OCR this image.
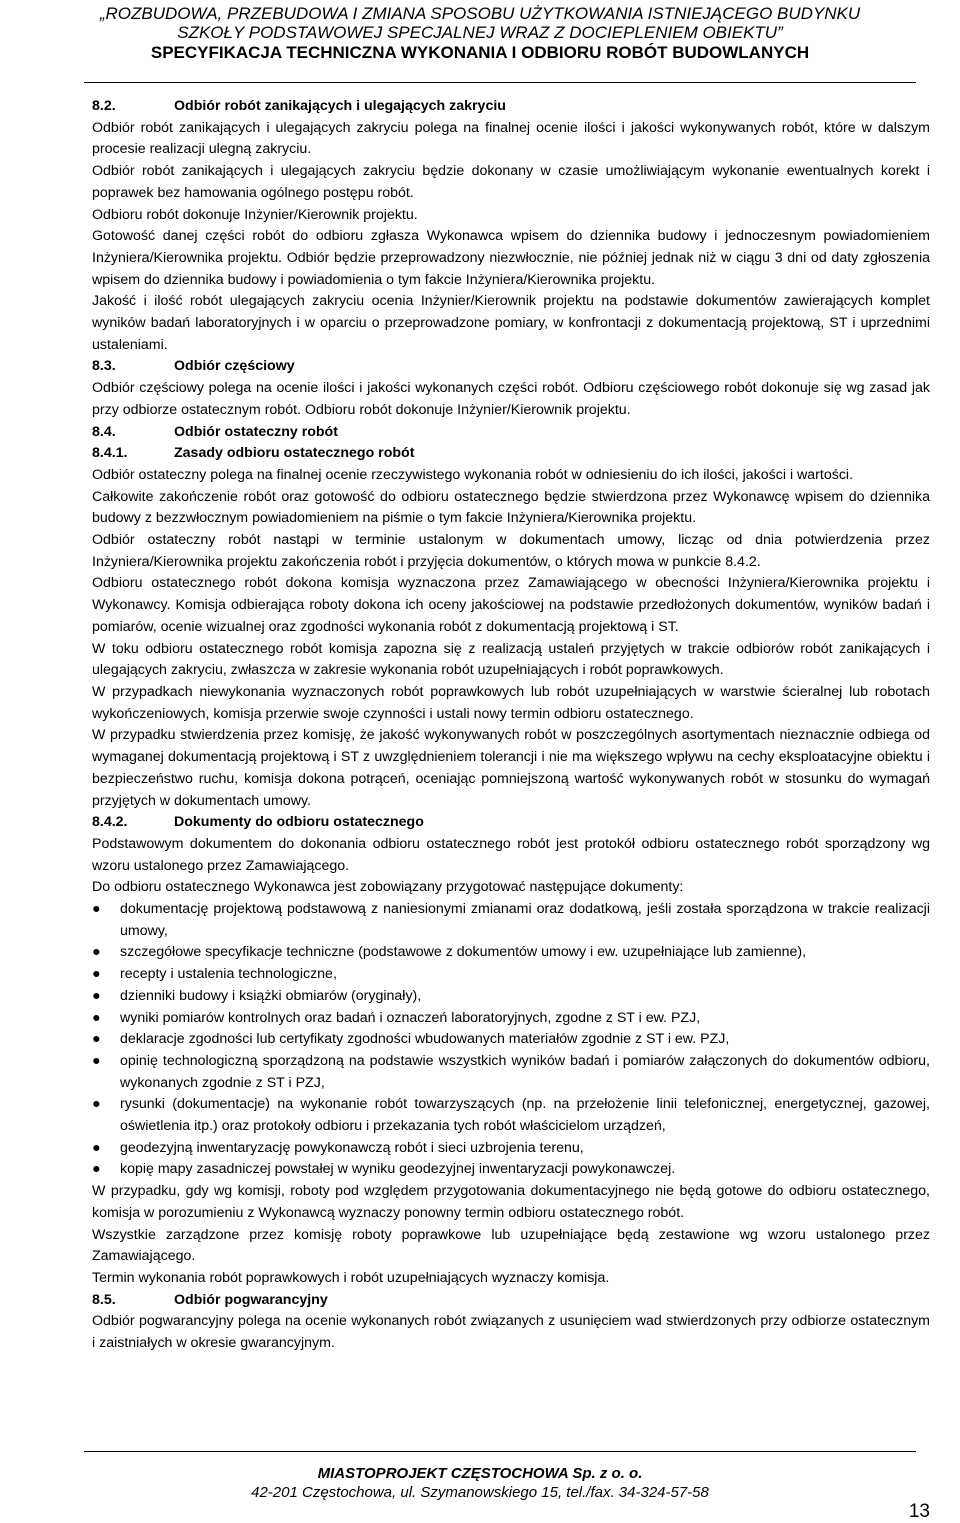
„ROZBUDOWA, PRZEBUDOWA I ZMIANA SPOSOBU UŻYTKOWANIA ISTNIEJĄCEGO BUDYNKU
SZKOŁY PODSTAWOWEJ SPECJALNEJ WRAZ Z DOCIEPLENIEM OBIEKTU”
SPECYFIKACJA TECHNICZNA WYKONANIA I ODBIORU ROBÓT BUDOWLANYCH

8.2.	Odbiór robót zanikających i ulegających zakryciu

Odbiór robót zanikających i ulegających zakryciu polega na finalnej ocenie ilości i jakości wykonywanych robót, które w dalszym procesie realizacji ulegną zakryciu.

Odbiór robót zanikających i ulegających zakryciu będzie dokonany w czasie umożliwiającym wykonanie ewentualnych korekt i poprawek bez hamowania ogólnego postępu robót.

Odbioru robót dokonuje Inżynier/Kierownik projektu.

Gotowość danej części robót do odbioru zgłasza Wykonawca wpisem do dziennika budowy i jednoczesnym powiadomieniem Inżyniera/Kierownika projektu. Odbiór będzie przeprowadzony niezwłocznie, nie później jednak niż w ciągu 3 dni od daty zgłoszenia wpisem do dziennika budowy i powiadomienia o tym fakcie Inżyniera/Kierownika projektu.

Jakość i ilość robót ulegających zakryciu ocenia Inżynier/Kierownik projektu na podstawie dokumentów zawierających komplet wyników badań laboratoryjnych i w oparciu o przeprowadzone pomiary, w konfrontacji z dokumentacją projektową, ST i uprzednimi ustaleniami.

8.3.	Odbiór częściowy

Odbiór częściowy polega na ocenie ilości i jakości wykonanych części robót. Odbioru częściowego robót dokonuje się wg zasad jak przy odbiorze ostatecznym robót. Odbioru robót dokonuje Inżynier/Kierownik projektu.

8.4.	Odbiór ostateczny robót

8.4.1.	Zasady odbioru ostatecznego robót

Odbiór ostateczny polega na finalnej ocenie rzeczywistego wykonania robót w odniesieniu do ich ilości, jakości i wartości.

Całkowite zakończenie robót oraz gotowość do odbioru ostatecznego będzie stwierdzona przez Wykonawcę wpisem do dziennika budowy z bezzwłocznym powiadomieniem na piśmie o tym fakcie Inżyniera/Kierownika projektu.

Odbiór ostateczny robót nastąpi w terminie ustalonym w dokumentach umowy, licząc od dnia potwierdzenia przez Inżyniera/Kierownika projektu zakończenia robót i przyjęcia dokumentów, o których mowa w punkcie 8.4.2.

Odbioru ostatecznego robót dokona komisja wyznaczona przez Zamawiającego w obecności Inżyniera/Kierownika projektu i Wykonawcy. Komisja odbierająca roboty dokona ich oceny jakościowej na podstawie przedłożonych dokumentów, wyników badań i pomiarów, ocenie wizualnej oraz zgodności wykonania robót z dokumentacją projektową i ST.

W toku odbioru ostatecznego robót komisja zapozna się z realizacją ustaleń przyjętych w trakcie odbiorów robót zanikających i ulegających zakryciu, zwłaszcza w zakresie wykonania robót uzupełniających i robót poprawkowych.

W przypadkach niewykonania wyznaczonych robót poprawkowych lub robót uzupełniających w warstwie ścieralnej lub robotach wykończeniowych, komisja przerwie swoje czynności i ustali nowy termin odbioru ostatecznego.

W przypadku stwierdzenia przez komisję, że jakość wykonywanych robót w poszczególnych asortymentach nieznacznie odbiega od wymaganej dokumentacją projektową i ST z uwzględnieniem tolerancji i nie ma większego wpływu na cechy eksploatacyjne obiektu i bezpieczeństwo ruchu, komisja dokona potrąceń, oceniając pomniejszoną wartość wykonywanych robót w stosunku do wymagań przyjętych w dokumentach umowy.

8.4.2.	Dokumenty do odbioru ostatecznego

Podstawowym dokumentem do dokonania odbioru ostatecznego robót jest protokół odbioru ostatecznego robót sporządzony wg wzoru ustalonego przez Zamawiającego.

Do odbioru ostatecznego Wykonawca jest zobowiązany przygotować następujące dokumenty:

● dokumentację projektową podstawową z naniesionymi zmianami oraz dodatkową, jeśli została sporządzona w trakcie realizacji umowy,
● szczegółowe specyfikacje techniczne (podstawowe z dokumentów umowy i ew. uzupełniające lub zamienne),
● recepty i ustalenia technologiczne,
● dzienniki budowy i książki obmiarów (oryginały),
● wyniki pomiarów kontrolnych oraz badań i oznaczeń laboratoryjnych, zgodne z ST i ew. PZJ,
● deklaracje zgodności lub certyfikaty zgodności wbudowanych materiałów zgodnie z ST i ew. PZJ,
● opinię technologiczną sporządzoną na podstawie wszystkich wyników badań i pomiarów załączonych do dokumentów odbioru, wykonanych zgodnie z ST i PZJ,
● rysunki (dokumentacje) na wykonanie robót towarzyszących (np. na przełożenie linii telefonicznej, energetycznej, gazowej, oświetlenia itp.) oraz protokoły odbioru i przekazania tych robót właścicielom urządzeń,
● geodezyjną inwentaryzację powykonawczą robót i sieci uzbrojenia terenu,
● kopię mapy zasadniczej powstałej w wyniku geodezyjnej inwentaryzacji powykonawczej.

W przypadku, gdy wg komisji, roboty pod względem przygotowania dokumentacyjnego nie będą gotowe do odbioru ostatecznego, komisja w porozumieniu z Wykonawcą wyznaczy ponowny termin odbioru ostatecznego robót.

Wszystkie zarządzone przez komisję roboty poprawkowe lub uzupełniające będą zestawione wg wzoru ustalonego przez Zamawiającego.

Termin wykonania robót poprawkowych i robót uzupełniających wyznaczy komisja.

8.5.	Odbiór pogwarancyjny

Odbiór pogwarancyjny polega na ocenie wykonanych robót związanych z usunięciem wad stwierdzonych przy odbiorze ostatecznym i zaistniałych w okresie gwarancyjnym.

MIASTOPROJEKT CZĘSTOCHOWA Sp. z o. o.
42-201 Częstochowa, ul. Szymanowskiego 15, tel./fax. 34-324-57-58
13
